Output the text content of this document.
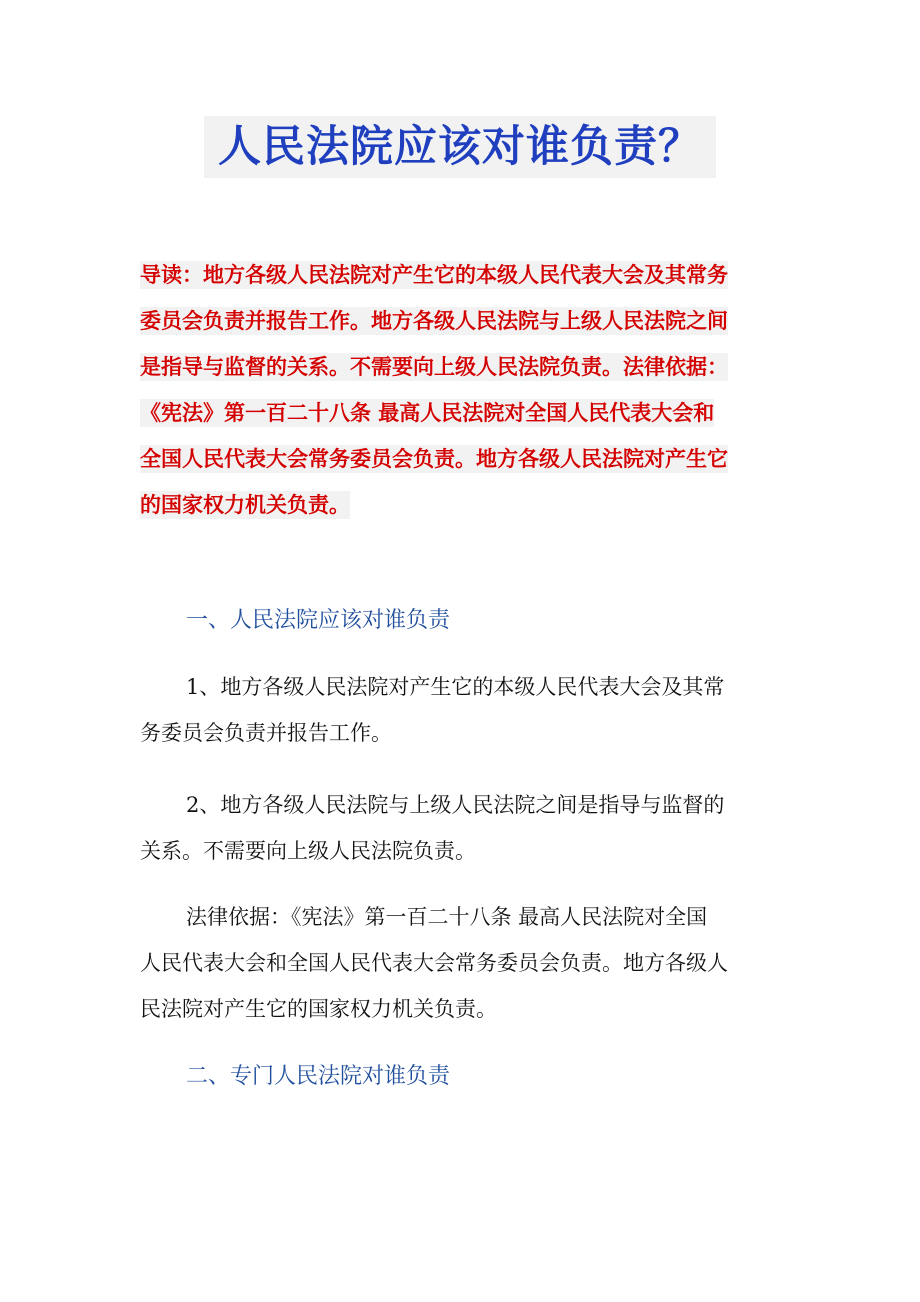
人民法院应该对谁负责？
导读：地方各级人民法院对产生它的本级人民代表大会及其常务
委员会负责并报告工作。地方各级人民法院与上级人民法院之间
是指导与监督的关系。不需要向上级人民法院负责。法律依据：
《宪法》第一百二十八条 最高人民法院对全国人民代表大会和
全国人民代表大会常务委员会负责。地方各级人民法院对产生它
的国家权力机关负责。
一、人民法院应该对谁负责
1、地方各级人民法院对产生它的本级人民代表大会及其常
务委员会负责并报告工作。
2、地方各级人民法院与上级人民法院之间是指导与监督的
关系。不需要向上级人民法院负责。
法律依据：《宪法》第一百二十八条 最高人民法院对全国
人民代表大会和全国人民代表大会常务委员会负责。地方各级人
民法院对产生它的国家权力机关负责。
二、专门人民法院对谁负责
